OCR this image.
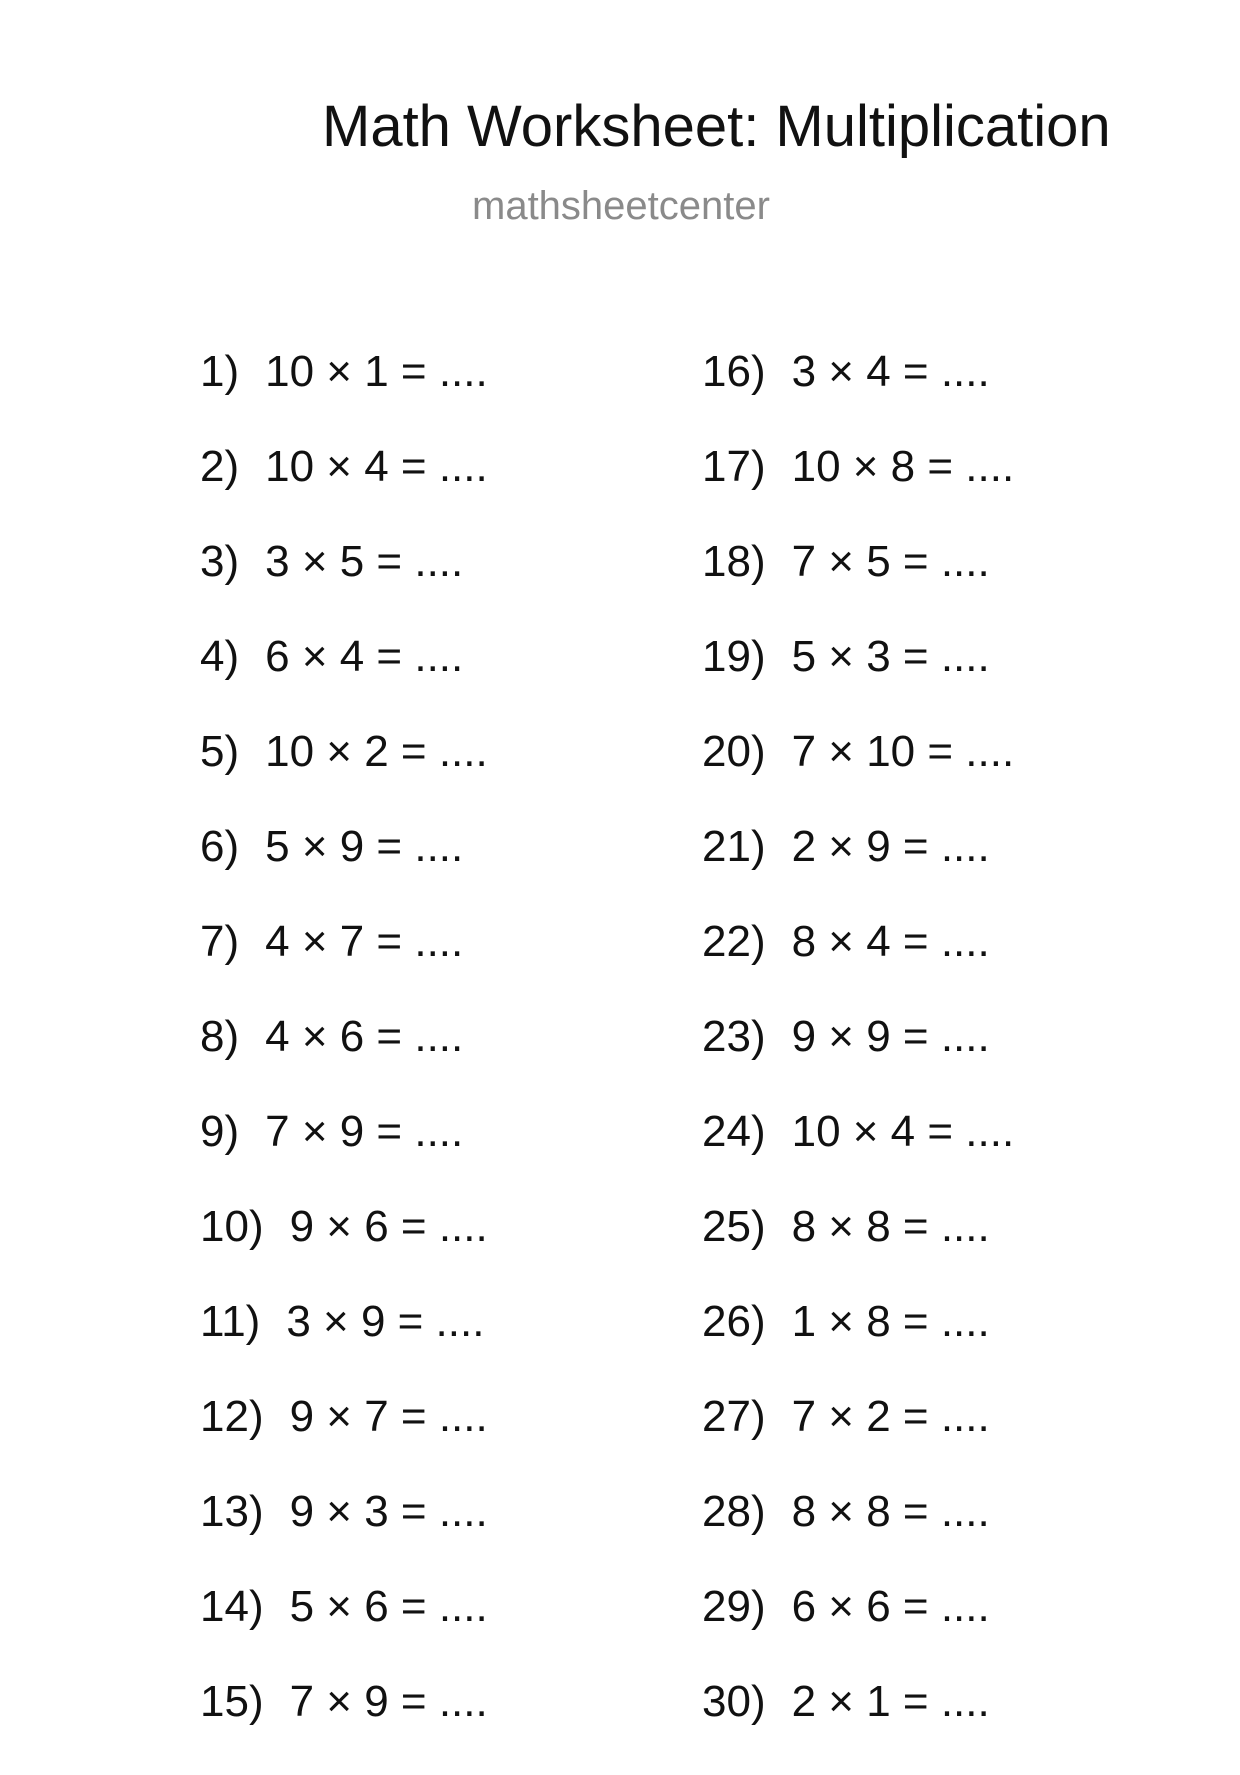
Math Worksheet: Multiplication
mathsheetcenter
1) 10 × 1 = ....
2) 10 × 4 = ....
3) 3 × 5 = ....
4) 6 × 4 = ....
5) 10 × 2 = ....
6) 5 × 9 = ....
7) 4 × 7 = ....
8) 4 × 6 = ....
9) 7 × 9 = ....
10) 9 × 6 = ....
11) 3 × 9 = ....
12) 9 × 7 = ....
13) 9 × 3 = ....
14) 5 × 6 = ....
15) 7 × 9 = ....
16) 3 × 4 = ....
17) 10 × 8 = ....
18) 7 × 5 = ....
19) 5 × 3 = ....
20) 7 × 10 = ....
21) 2 × 9 = ....
22) 8 × 4 = ....
23) 9 × 9 = ....
24) 10 × 4 = ....
25) 8 × 8 = ....
26) 1 × 8 = ....
27) 7 × 2 = ....
28) 8 × 8 = ....
29) 6 × 6 = ....
30) 2 × 1 = ....
